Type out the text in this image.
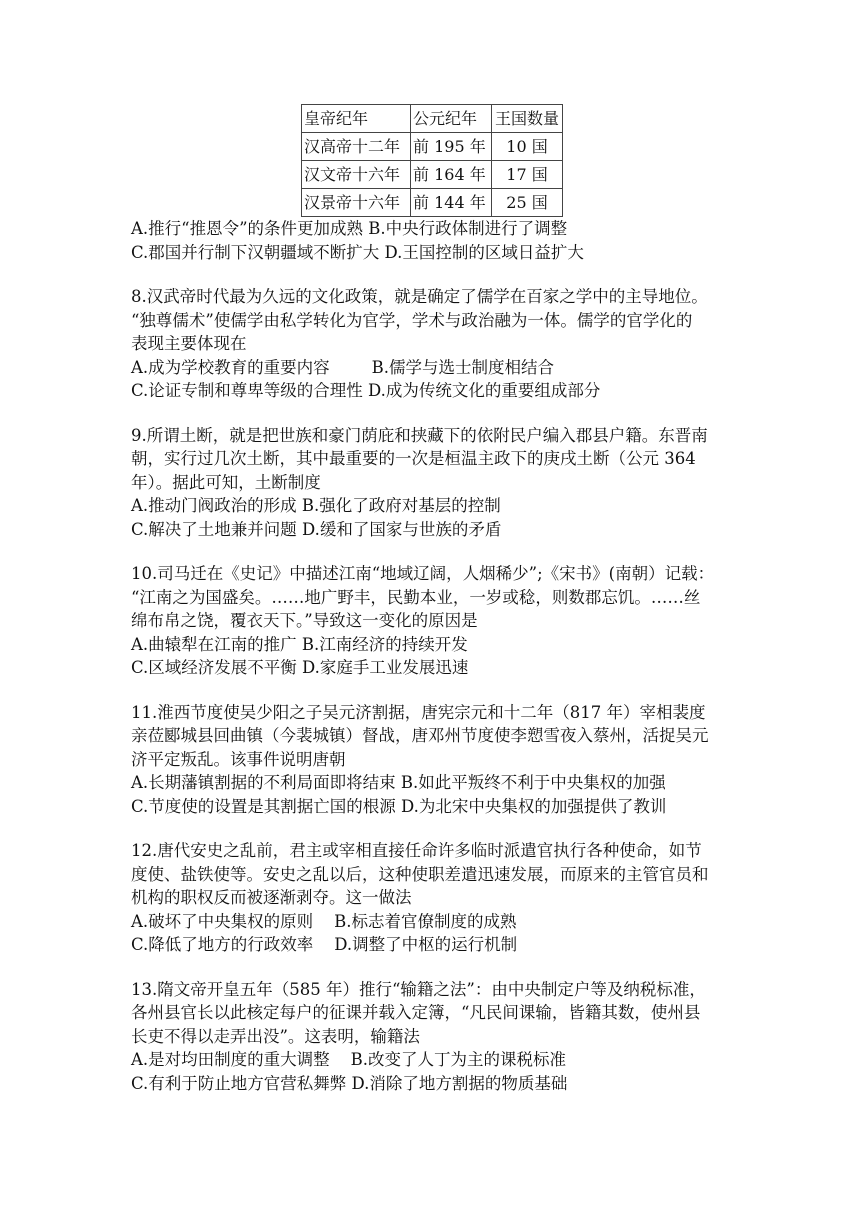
皇帝纪年	公元纪年	王国数量
汉高帝十二年	前 195 年	10 国
汉文帝十六年	前 164 年	17 国
汉景帝十六年	前 144 年	25 国
A.推行“推恩令”的条件更加成熟 B.中央行政体制进行了调整
C.郡国并行制下汉朝疆域不断扩大 D.王国控制的区域日益扩大
8.汉武帝时代最为久远的文化政策，就是确定了儒学在百家之学中的主导地位。
“独尊儒术”使儒学由私学转化为官学，学术与政治融为一体。儒学的官学化的
表现主要体现在
A.成为学校教育的重要内容        B.儒学与选士制度相结合
C.论证专制和尊卑等级的合理性 D.成为传统文化的重要组成部分
9.所谓土断，就是把世族和豪门荫庇和挟藏下的依附民户编入郡县户籍。东晋南
朝，实行过几次土断，其中最重要的一次是桓温主政下的庚戌土断（公元 364
年）。据此可知，土断制度
A.推动门阀政治的形成 B.强化了政府对基层的控制
C.解决了土地兼并问题 D.缓和了国家与世族的矛盾
10.司马迁在《史记》中描述江南“地域辽阔，人烟稀少”;《宋书》(南朝）记载：
“江南之为国盛矣。……地广野丰，民勤本业，一岁或稔，则数郡忘饥。……丝
绵布帛之饶，覆衣天下。”导致这一变化的原因是
A.曲辕犁在江南的推广 B.江南经济的持续开发
C.区域经济发展不平衡 D.家庭手工业发展迅速
11.淮西节度使吴少阳之子吴元济割据，唐宪宗元和十二年（817 年）宰相裴度
亲莅郾城县回曲镇（今裴城镇）督战，唐邓州节度使李愬雪夜入蔡州，活捉吴元
济平定叛乱。该事件说明唐朝
A.长期藩镇割据的不利局面即将结束 B.如此平叛终不利于中央集权的加强
C.节度使的设置是其割据亡国的根源 D.为北宋中央集权的加强提供了教训
12.唐代安史之乱前，君主或宰相直接任命许多临时派遣官执行各种使命，如节
度使、盐铁使等。安史之乱以后，这种使职差遣迅速发展，而原来的主管官员和
机构的职权反而被逐渐剥夺。这一做法
A.破坏了中央集权的原则    B.标志着官僚制度的成熟
C.降低了地方的行政效率    D.调整了中枢的运行机制
13.隋文帝开皇五年（585 年）推行“输籍之法”：由中央制定户等及纳税标准，
各州县官长以此核定每户的征课并载入定簿，“凡民间课输，皆籍其数，使州县
长吏不得以走弄出没”。这表明，输籍法
A.是对均田制度的重大调整    B.改变了人丁为主的课税标准
C.有利于防止地方官营私舞弊 D.消除了地方割据的物质基础
